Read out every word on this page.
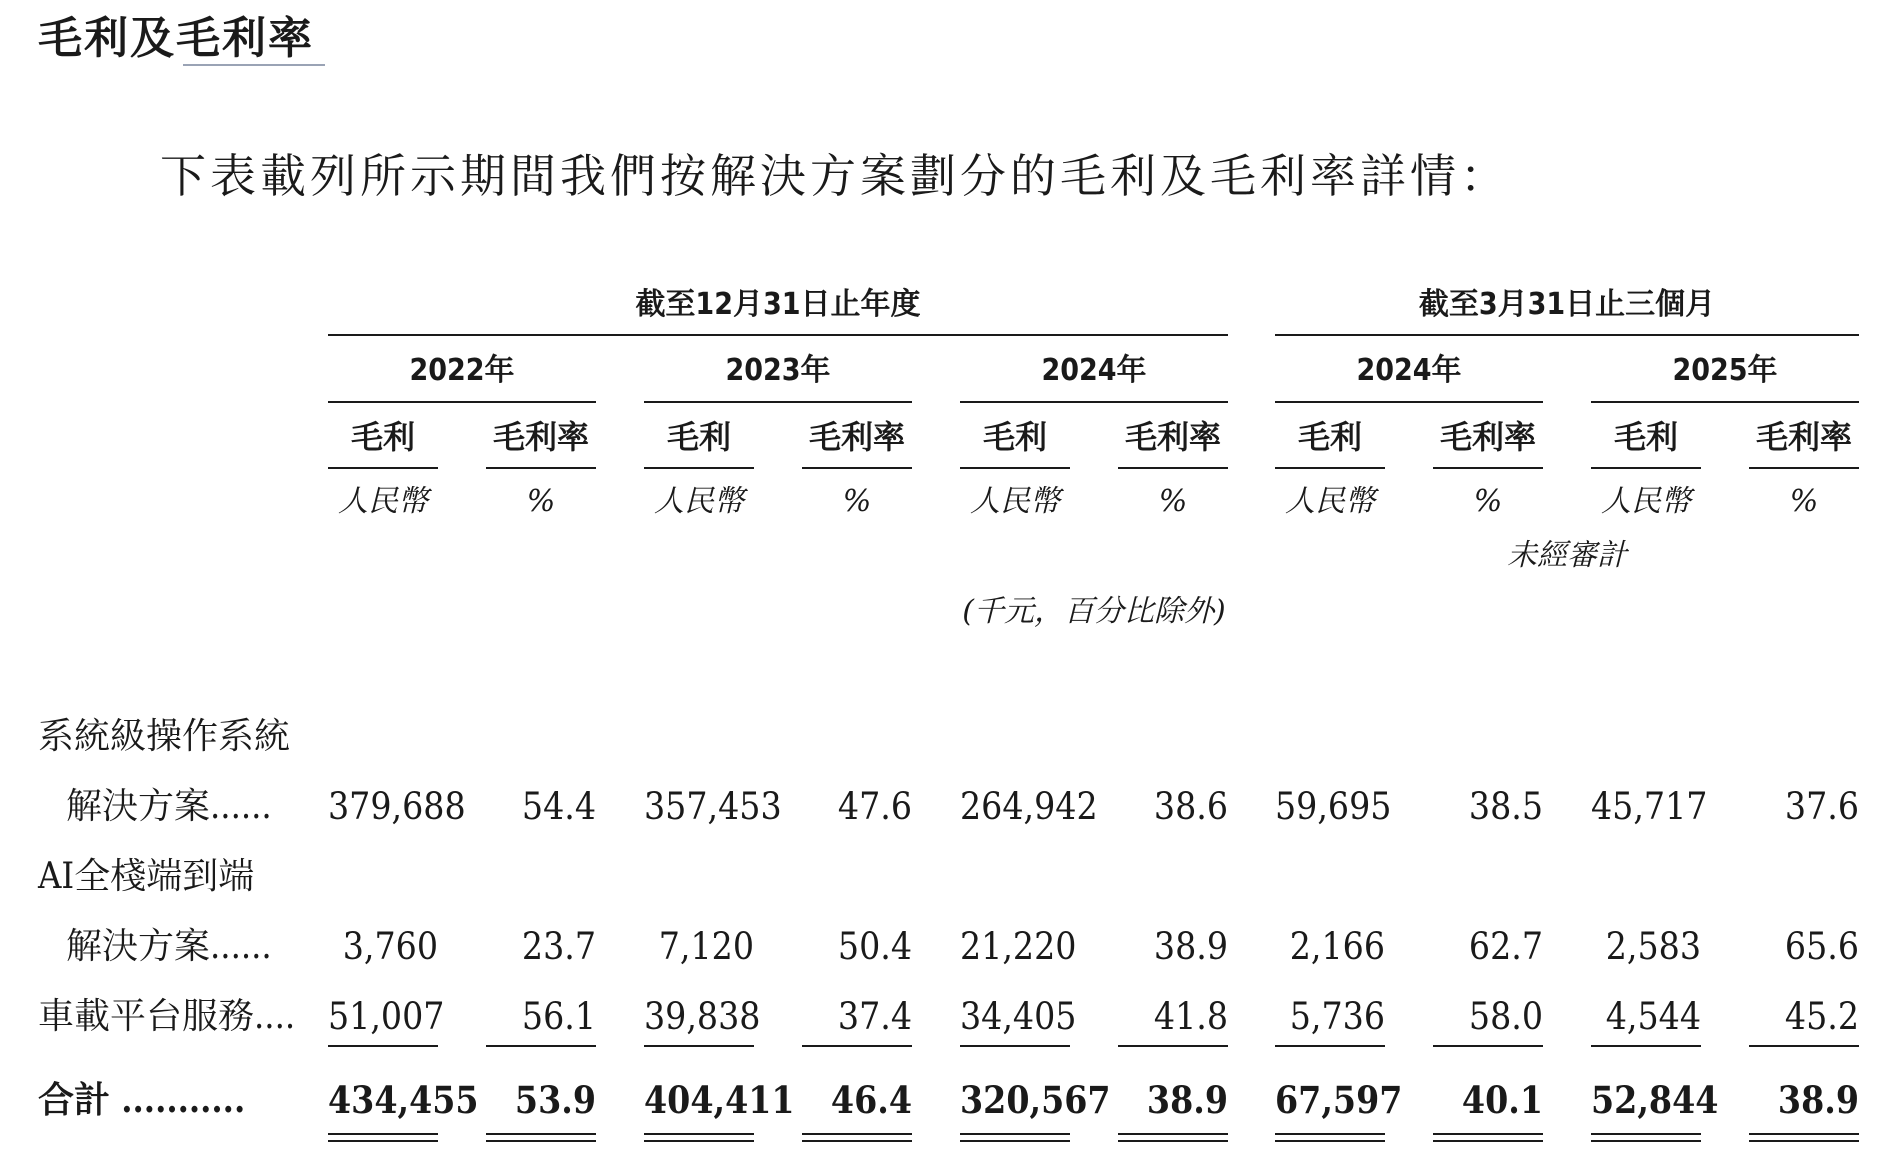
毛利及毛利率

下表載列所示期間我們按解決方案劃分的毛利及毛利率詳情：

截至12月31日止年度	截至3月31日止三個月
2022年	2023年	2024年	2024年	2025年
毛利	毛利率	毛利	毛利率	毛利	毛利率	毛利	毛利率	毛利	毛利率
人民幣	%	人民幣	%	人民幣	%	人民幣	%	人民幣	%
未經審計
(千元，百分比除外)
系統級操作系統
解決方案...... 379,688	54.4 357,453	47.6 264,942	38.6 59,695	38.5 45,717	37.6
AI全棧端到端
解決方案......	3,760	23.7	7,120	50.4 21,220	38.9	2,166	62.7	2,583	65.6
車載平台服務.... 51,007	56.1 39,838	37.4 34,405	41.8	5,736	58.0	4,544	45.2
合計 ........... 434,455 53.9 404,411 46.4 320,567 38.9 67,597	40.1 52,844	38.9
